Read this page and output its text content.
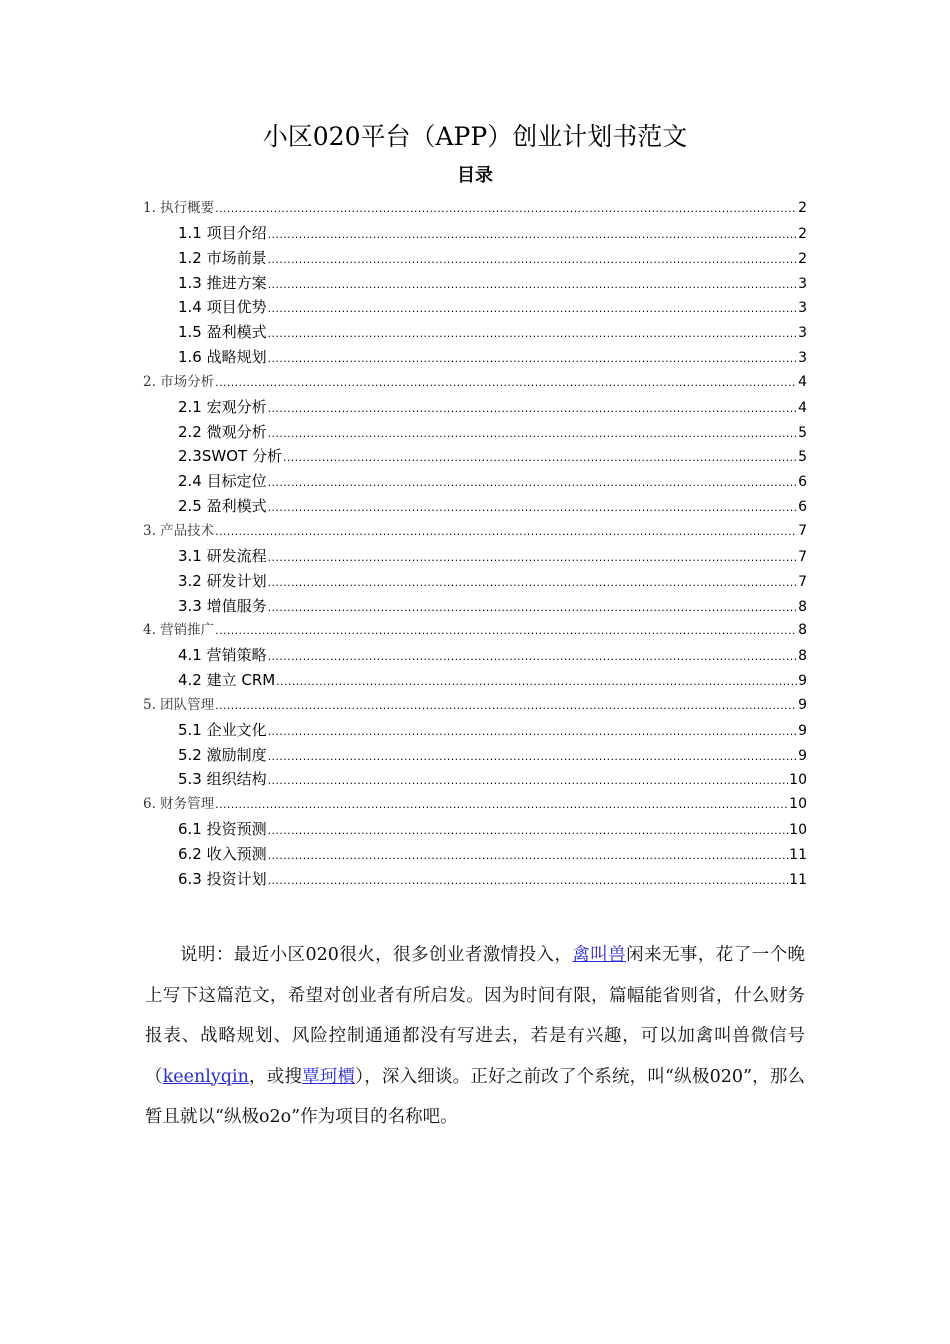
小区020平台（APP）创业计划书范文
目录
1. 执行概要 .....	2
1.1 项目介绍 .....	2
1.2 市场前景 .....	2
1.3 推进方案 .....	3
1.4 项目优势 .....	3
1.5 盈利模式 .....	3
1.6 战略规划 .....	3
2. 市场分析 .....	4
2.1 宏观分析 .....	4
2.2 微观分析 .....	5
2.3SWOT 分析 .....	5
2.4 目标定位 .....	6
2.5 盈利模式 .....	6
3. 产品技术 .....	7
3.1 研发流程 .....	7
3.2 研发计划 .....	7
3.3 增值服务 .....	8
4. 营销推广 .....	8
4.1 营销策略 .....	8
4.2 建立 CRM .....	9
5. 团队管理 .....	9
5.1 企业文化 .....	9
5.2 激励制度 .....	9
5.3 组织结构 .....	10
6. 财务管理 .....	10
6.1 投资预测 .....	10
6.2 收入预测 .....	11
6.3 投资计划 .....	11

说明：最近小区020很火，很多创业者激情投入，禽叫兽闲来无事，花了一个晚上写下这篇范文，希望对创业者有所启发。因为时间有限，篇幅能省则省，什么财务报表、战略规划、风险控制通通都没有写进去，若是有兴趣，可以加禽叫兽微信号（keenlyqin，或搜覃珂檟），深入细谈。正好之前改了个系统，叫“纵极020”，那么暂且就以“纵极o2o”作为项目的名称吧。
